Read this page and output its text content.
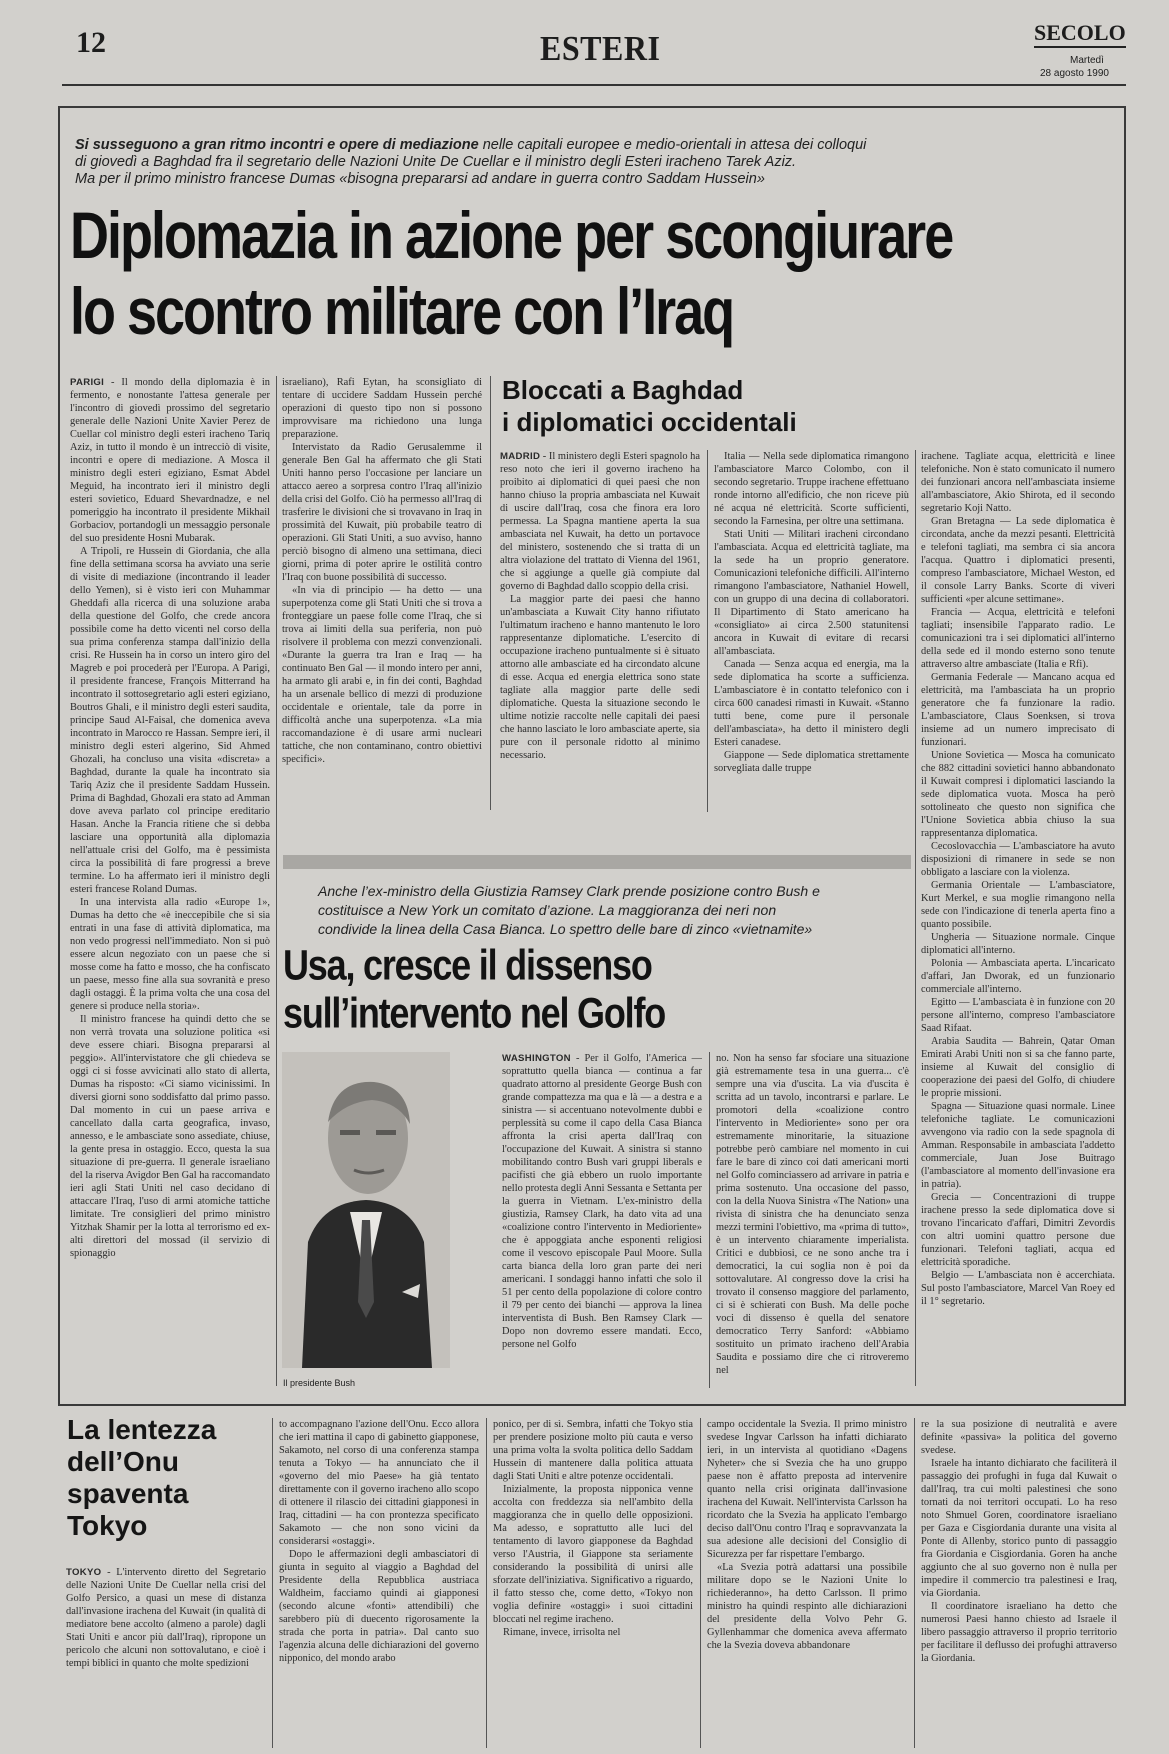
12	ESTERI	SECOLO
Martedì
28 agosto 1990
Si susseguono a gran ritmo incontri e opere di mediazione nelle capitali europee e medio-orientali in attesa dei colloqui
di giovedì a Baghdad fra il segretario delle Nazioni Unite De Cuellar e il ministro degli Esteri iracheno Tarek Aziz.
Ma per il primo ministro francese Dumas «bisogna prepararsi ad andare in guerra contro Saddam Hussein»
Diplomazia in azione per scongiurare
lo scontro militare con l’Iraq

PARIGI - Il mondo della diplomazia è in fermento, e nonostante l'attesa generale per l'incontro di giovedì prossimo del segretario generale delle Nazioni Unite Xavier Perez de Cuellar col ministro degli esteri iracheno Tariq Aziz, in tutto il mondo è un intrecciò di visite, incontri e opere di mediazione. A Mosca il ministro degli esteri egiziano, Esmat Abdel Meguid, ha incontrato ieri il ministro degli esteri sovietico, Eduard Shevardnadze, e nel pomeriggio ha incontrato il presidente Mikhail Gorbaciov, portandogli un messaggio personale del suo presidente Hosni Mubarak.

A Tripoli, re Hussein di Giordania, che alla fine della settimana scorsa ha avviato una serie di visite di mediazione (incontrando il leader dello Yemen), si è visto ieri con Muhammar Gheddafi alla ricerca di una soluzione araba della questione del Golfo, che crede ancora possibile come ha detto vicenti nel corso della sua prima conferenza stampa dall'inizio della crisi. Re Hussein ha in corso un intero giro del Magreb e poi procederà per l'Europa. A Parigi, il presidente francese, François Mitterrand ha incontrato il sottosegretario agli esteri egiziano, Boutros Ghali, e il ministro degli esteri saudita, principe Saud Al-Faisal, che domenica aveva incontrato in Marocco re Hassan. Sempre ieri, il ministro degli esteri algerino, Sid Ahmed Ghozali, ha concluso una visita «discreta» a Baghdad, durante la quale ha incontrato sia Tariq Aziz che il presidente Saddam Hussein. Prima di Baghdad, Ghozali era stato ad Amman dove aveva parlato col principe ereditario Hasan. Anche la Francia ritiene che si debba lasciare una opportunità alla diplomazia nell'attuale crisi del Golfo, ma è pessimista circa la possibilità di fare progressi a breve termine. Lo ha affermato ieri il ministro degli esteri francese Roland Dumas.

In una intervista alla radio «Europe 1», Dumas ha detto che «è ineccepibile che si sia entrati in una fase di attività diplomatica, ma non vedo progressi nell'immediato. Non si può essere alcun negoziato con un paese che si mosse come ha fatto e mosso, che ha confiscato un paese, messo fine alla sua sovranità e preso dagli ostaggi. È la prima volta che una cosa del genere si produce nella storia».

Il ministro francese ha quindi detto che se non verrà trovata una soluzione politica «si deve essere chiari. Bisogna prepararsi al peggio». All'intervistatore che gli chiedeva se oggi ci si fosse avvicinati allo stato di allerta, Dumas ha risposto: «Ci siamo vicinissimi. In diversi giorni sono soddisfatto dal primo passo. Dal momento in cui un paese arriva e cancellato dalla carta geografica, invaso, annesso, e le ambasciate sono assediate, chiuse, la gente presa in ostaggio. Ecco, questa la sua situazione di pre-guerra. Il generale israeliano del la riserva Avigdor Ben Gal ha raccomandato ieri agli Stati Uniti nel caso decidano di attaccare l'Iraq, l'uso di armi atomiche tattiche limitate. Tre consiglieri del primo ministro Yitzhak Shamir per la lotta al terrorismo ed ex-alti direttori del mossad (il servizio di spionaggio

israeliano), Rafi Eytan, ha sconsigliato di tentare di uccidere Saddam Hussein perché operazioni di questo tipo non si possono improvvisare ma richiedono una lunga preparazione.

Intervistato da Radio Gerusalemme il generale Ben Gal ha affermato che gli Stati Uniti hanno perso l'occasione per lanciare un attacco aereo a sorpresa contro l'Iraq all'inizio della crisi del Golfo. Ciò ha permesso all'Iraq di trasferire le divisioni che si trovavano in Iraq in prossimità del Kuwait, più probabile teatro di operazioni. Gli Stati Uniti, a suo avviso, hanno perciò bisogno di almeno una settimana, dieci giorni, prima di poter aprire le ostilità contro l'Iraq con buone possibilità di successo.

«In via di principio — ha detto — una superpotenza come gli Stati Uniti che si trova a fronteggiare un paese folle come l'Iraq, che si trova ai limiti della sua periferia, non può risolvere il problema con mezzi convenzionali. «Durante la guerra tra Iran e Iraq — ha continuato Ben Gal — il mondo intero per anni, ha armato gli arabi e, in fin dei conti, Baghdad ha un arsenale bellico di mezzi di produzione occidentale e orientale, tale da porre in difficoltà anche una superpotenza. «La mia raccomandazione è di usare armi nucleari tattiche, che non contaminano, contro obiettivi specifici».

Bloccati a Baghdad
i diplomatici occidentali

MADRID - Il ministero degli Esteri spagnolo ha reso noto che ieri il governo iracheno ha proibito ai diplomatici di quei paesi che non hanno chiuso la propria ambasciata nel Kuwait di uscire dall'Iraq, cosa che finora era loro permessa. La Spagna mantiene aperta la sua ambasciata nel Kuwait, ha detto un portavoce del ministero, sostenendo che si tratta di un altra violazione del trattato di Vienna del 1961, che si aggiunge a quelle già compiute dal governo di Baghdad dallo scoppio della crisi.

La maggior parte dei paesi che hanno un'ambasciata a Kuwait City hanno rifiutato l'ultimatum iracheno e hanno mantenuto le loro rappresentanze diplomatiche. L'esercito di occupazione iracheno puntualmente si è situato attorno alle ambasciate ed ha circondato alcune di esse. Acqua ed energia elettrica sono state tagliate alla maggior parte delle sedi diplomatiche. Questa la situazione secondo le ultime notizie raccolte nelle capitali dei paesi che hanno lasciato le loro ambasciate aperte, sia pure con il personale ridotto al minimo necessario.

Italia — Nella sede diplomatica rimangono l'ambasciatore Marco Colombo, con il secondo segretario. Truppe irachene effettuano ronde intorno all'edificio, che non riceve più né acqua né elettricità. Scorte sufficienti, secondo la Farnesina, per oltre una settimana.

Stati Uniti — Militari iracheni circondano l'ambasciata. Acqua ed elettricità tagliate, ma la sede ha un proprio generatore. Comunicazioni telefoniche difficili. All'interno rimangono l'ambasciatore, Nathaniel Howell, con un gruppo di una decina di collaboratori. Il Dipartimento di Stato americano ha «consigliato» ai circa 2.500 statunitensi ancora in Kuwait di evitare di recarsi all'ambasciata.

Canada — Senza acqua ed energia, ma la sede diplomatica ha scorte a sufficienza. L'ambasciatore è in contatto telefonico con i circa 600 canadesi rimasti in Kuwait. «Stanno tutti bene, come pure il personale dell'ambasciata», ha detto il ministero degli Esteri canadese.

Giappone — Sede diplomatica strettamente sorvegliata dalle truppe

irachene. Tagliate acqua, elettricità e linee telefoniche. Non è stato comunicato il numero dei funzionari ancora nell'ambasciata insieme all'ambasciatore, Akio Shirota, ed il secondo segretario Koji Natto.

Gran Bretagna — La sede diplomatica è circondata, anche da mezzi pesanti. Elettricità e telefoni tagliati, ma sembra ci sia ancora l'acqua. Quattro i diplomatici presenti, compreso l'ambasciatore, Michael Weston, ed il console Larry Banks. Scorte di viveri sufficienti «per alcune settimane».

Francia — Acqua, elettricità e telefoni tagliati; insensibile l'apparato radio. Le comunicazioni tra i sei diplomatici all'interno della sede ed il mondo esterno sono tenute attraverso altre ambasciate (Italia e Rfi).

Germania Federale — Mancano acqua ed elettricità, ma l'ambasciata ha un proprio generatore che fa funzionare la radio. L'ambasciatore, Claus Soenksen, si trova insieme ad un numero imprecisato di funzionari.

Unione Sovietica — Mosca ha comunicato che 882 cittadini sovietici hanno abbandonato il Kuwait compresi i diplomatici lasciando la sede diplomatica vuota. Mosca ha però sottolineato che questo non significa che l'Unione Sovietica abbia chiuso la sua rappresentanza diplomatica.

Cecoslovacchia — L'ambasciatore ha avuto disposizioni di rimanere in sede se non obbligato a lasciare con la violenza.

Germania Orientale — L'ambasciatore, Kurt Merkel, e sua moglie rimangono nella sede con l'indicazione di tenerla aperta fino a quanto possibile.

Ungheria — Situazione normale. Cinque diplomatici all'interno.

Polonia — Ambasciata aperta. L'incaricato d'affari, Jan Dworak, ed un funzionario commerciale all'interno.

Egitto — L'ambasciata è in funzione con 20 persone all'interno, compreso l'ambasciatore Saad Rifaat.

Arabia Saudita — Bahrein, Qatar Oman Emirati Arabi Uniti non si sa che fanno parte, insieme al Kuwait del consiglio di cooperazione dei paesi del Golfo, di chiudere le proprie missioni.

Spagna — Situazione quasi normale. Linee telefoniche tagliate. Le comunicazioni avvengono via radio con la sede spagnola di Amman. Responsabile in ambasciata l'addetto commerciale, Juan Jose Buitrago (l'ambasciatore al momento dell'invasione era in patria).

Grecia — Concentrazioni di truppe irachene presso la sede diplomatica dove si trovano l'incaricato d'affari, Dimitri Zevordis con altri uomini quattro persone due funzionari. Telefoni tagliati, acqua ed elettricità sporadiche.

Belgio — L'ambasciata non è accerchiata. Sul posto l'ambasciatore, Marcel Van Roey ed il 1° segretario.

Anche l’ex-ministro della Giustizia Ramsey Clark prende posizione contro Bush e
costituisce a New York un comitato d’azione. La maggioranza dei neri non
condivide la linea della Casa Bianca. Lo spettro delle bare di zinco «vietnamite»
Usa, cresce il dissenso
sull’intervento nel Golfo
Il presidente Bush

WASHINGTON - Per il Golfo, l'America — soprattutto quella bianca — continua a far quadrato attorno al presidente George Bush con grande compattezza ma qua e là — a destra e a sinistra — si accentuano notevolmente dubbi e perplessità su come il capo della Casa Bianca affronta la crisi aperta dall'Iraq con l'occupazione del Kuwait. A sinistra si stanno mobilitando contro Bush vari gruppi liberals e pacifisti che già ebbero un ruolo importante nello protesta degli Anni Sessanta e Settanta per la guerra in Vietnam. L'ex-ministro della giustizia, Ramsey Clark, ha dato vita ad una «coalizione contro l'intervento in Medioriente» che è appoggiata anche esponenti religiosi come il vescovo episcopale Paul Moore. Sulla carta bianca della loro gran parte dei neri americani. I sondaggi hanno infatti che solo il 51 per cento della popolazione di colore contro il 79 per cento dei bianchi — approva la linea interventista di Bush. Ben Ramsey Clark — Dopo non dovremo essere mandati. Ecco, persone nel Golfo

no. Non ha senso far sfociare una situazione già estremamente tesa in una guerra... c'è sempre una via d'uscita. La via d'uscita è scritta ad un tavolo, incontrarsi e parlare. Le promotori della «coalizione contro l'intervento in Medioriente» sono per ora estremamente minoritarie, la situazione potrebbe però cambiare nel momento in cui fare le bare di zinco coi dati americani morti nel Golfo cominciassero ad arrivare in patria e prima sostenuto. Una occasione del passo, con la della Nuova Sinistra «The Nation» una rivista di sinistra che ha denunciato senza mezzi termini l'obiettivo, ma «prima di tutto», è un intervento chiaramente imperialista. Critici e dubbiosi, ce ne sono anche tra i democratici, la cui soglia non è poi da sottovalutare. Al congresso dove la crisi ha trovato il consenso maggiore del parlamento, ci si è schierati con Bush. Ma delle poche voci di dissenso è quella del senatore democratico Terry Sanford: «Abbiamo sostituito un primato iracheno dell'Arabia Saudita e possiamo dire che ci ritroveremo nel

La lentezza
dell’Onu
spaventa
Tokyo

TOKYO - L'intervento diretto del Segretario delle Nazioni Unite De Cuellar nella crisi del Golfo Persico, a quasi un mese di distanza dall'invasione irachena del Kuwait (in qualità di mediatore bene accolto (almeno a parole) dagli Stati Uniti e ancor più dall'Iraq), ripropone un pericolo che alcuni non sottovalutano, e cioè i tempi biblici in quanto che molte spedizioni

to accompagnano l'azione dell'Onu. Ecco allora che ieri mattina il capo di gabinetto giapponese, Sakamoto, nel corso di una conferenza stampa tenuta a Tokyo — ha annunciato che il «governo del mio Paese» ha già tentato direttamente con il governo iracheno allo scopo di ottenere il rilascio dei cittadini giapponesi in Iraq, cittadini — ha con prontezza specificato Sakamoto — che non sono vicini da considerarsi «ostaggi».

Dopo le affermazioni degli ambasciatori di giunta in seguito al viaggio a Baghdad del Presidente della Repubblica austriaca Waldheim, facciamo quindi ai giapponesi (secondo alcune «fonti» attendibili) che sarebbero più di duecento rigorosamente la strada che porta in patria». Dal canto suo l'agenzia alcuna delle dichiarazioni del governo nipponico, del mondo arabo

ponico, per di sì. Sembra, infatti che Tokyo stia per prendere posizione molto più cauta e verso una prima volta la svolta politica dello Saddam Hussein di mantenere dalla politica attuata dagli Stati Uniti e altre potenze occidentali.

Inizialmente, la proposta nipponica venne accolta con freddezza sia nell'ambito della maggioranza che in quello delle opposizioni. Ma adesso, e soprattutto alle luci del tentamento di lavoro giapponese da Baghdad verso l'Austria, il Giappone sta seriamente considerando la possibilità di unirsi alle sforzate dell'iniziativa. Significativo a riguardo, il fatto stesso che, come detto, «Tokyo non voglia definire «ostaggi» i suoi cittadini bloccati nel regime iracheno.

Rimane, invece, irrisolta nel

campo occidentale la Svezia. Il primo ministro svedese Ingvar Carlsson ha infatti dichiarato ieri, in un intervista al quotidiano «Dagens Nyheter» che si Svezia che ha uno gruppo paese non è affatto preposta ad intervenire quanto nella crisi originata dall'invasione irachena del Kuwait. Nell'intervista Carlsson ha ricordato che la Svezia ha applicato l'embargo deciso dall'Onu contro l'Iraq e sopravvanzata la sua adesione alle decisioni del Consiglio di Sicurezza per far rispettare l'embargo.

«La Svezia potrà adattarsi una possibile militare dopo se le Nazioni Unite lo richiederanno», ha detto Carlsson. Il primo ministro ha quindi respinto alle dichiarazioni del presidente della Volvo Pehr G. Gyllenhammar che domenica aveva affermato che la Svezia doveva abbandonare

re la sua posizione di neutralità e avere definite «passiva» la politica del governo svedese.

Israele ha intanto dichiarato che faciliterà il passaggio dei profughi in fuga dal Kuwait o dall'Iraq, tra cui molti palestinesi che sono tornati da noi territori occupati. Lo ha reso noto Shmuel Goren, coordinatore israeliano per Gaza e Cisgiordania durante una visita al Ponte di Allenby, storico punto di passaggio fra Giordania e Cisgiordania. Goren ha anche aggiunto che al suo governo non è nulla per impedire il commercio tra palestinesi e Iraq, via Giordania.

Il coordinatore israeliano ha detto che numerosi Paesi hanno chiesto ad Israele il libero passaggio attraverso il proprio territorio per facilitare il deflusso dei profughi attraverso la Giordania.
